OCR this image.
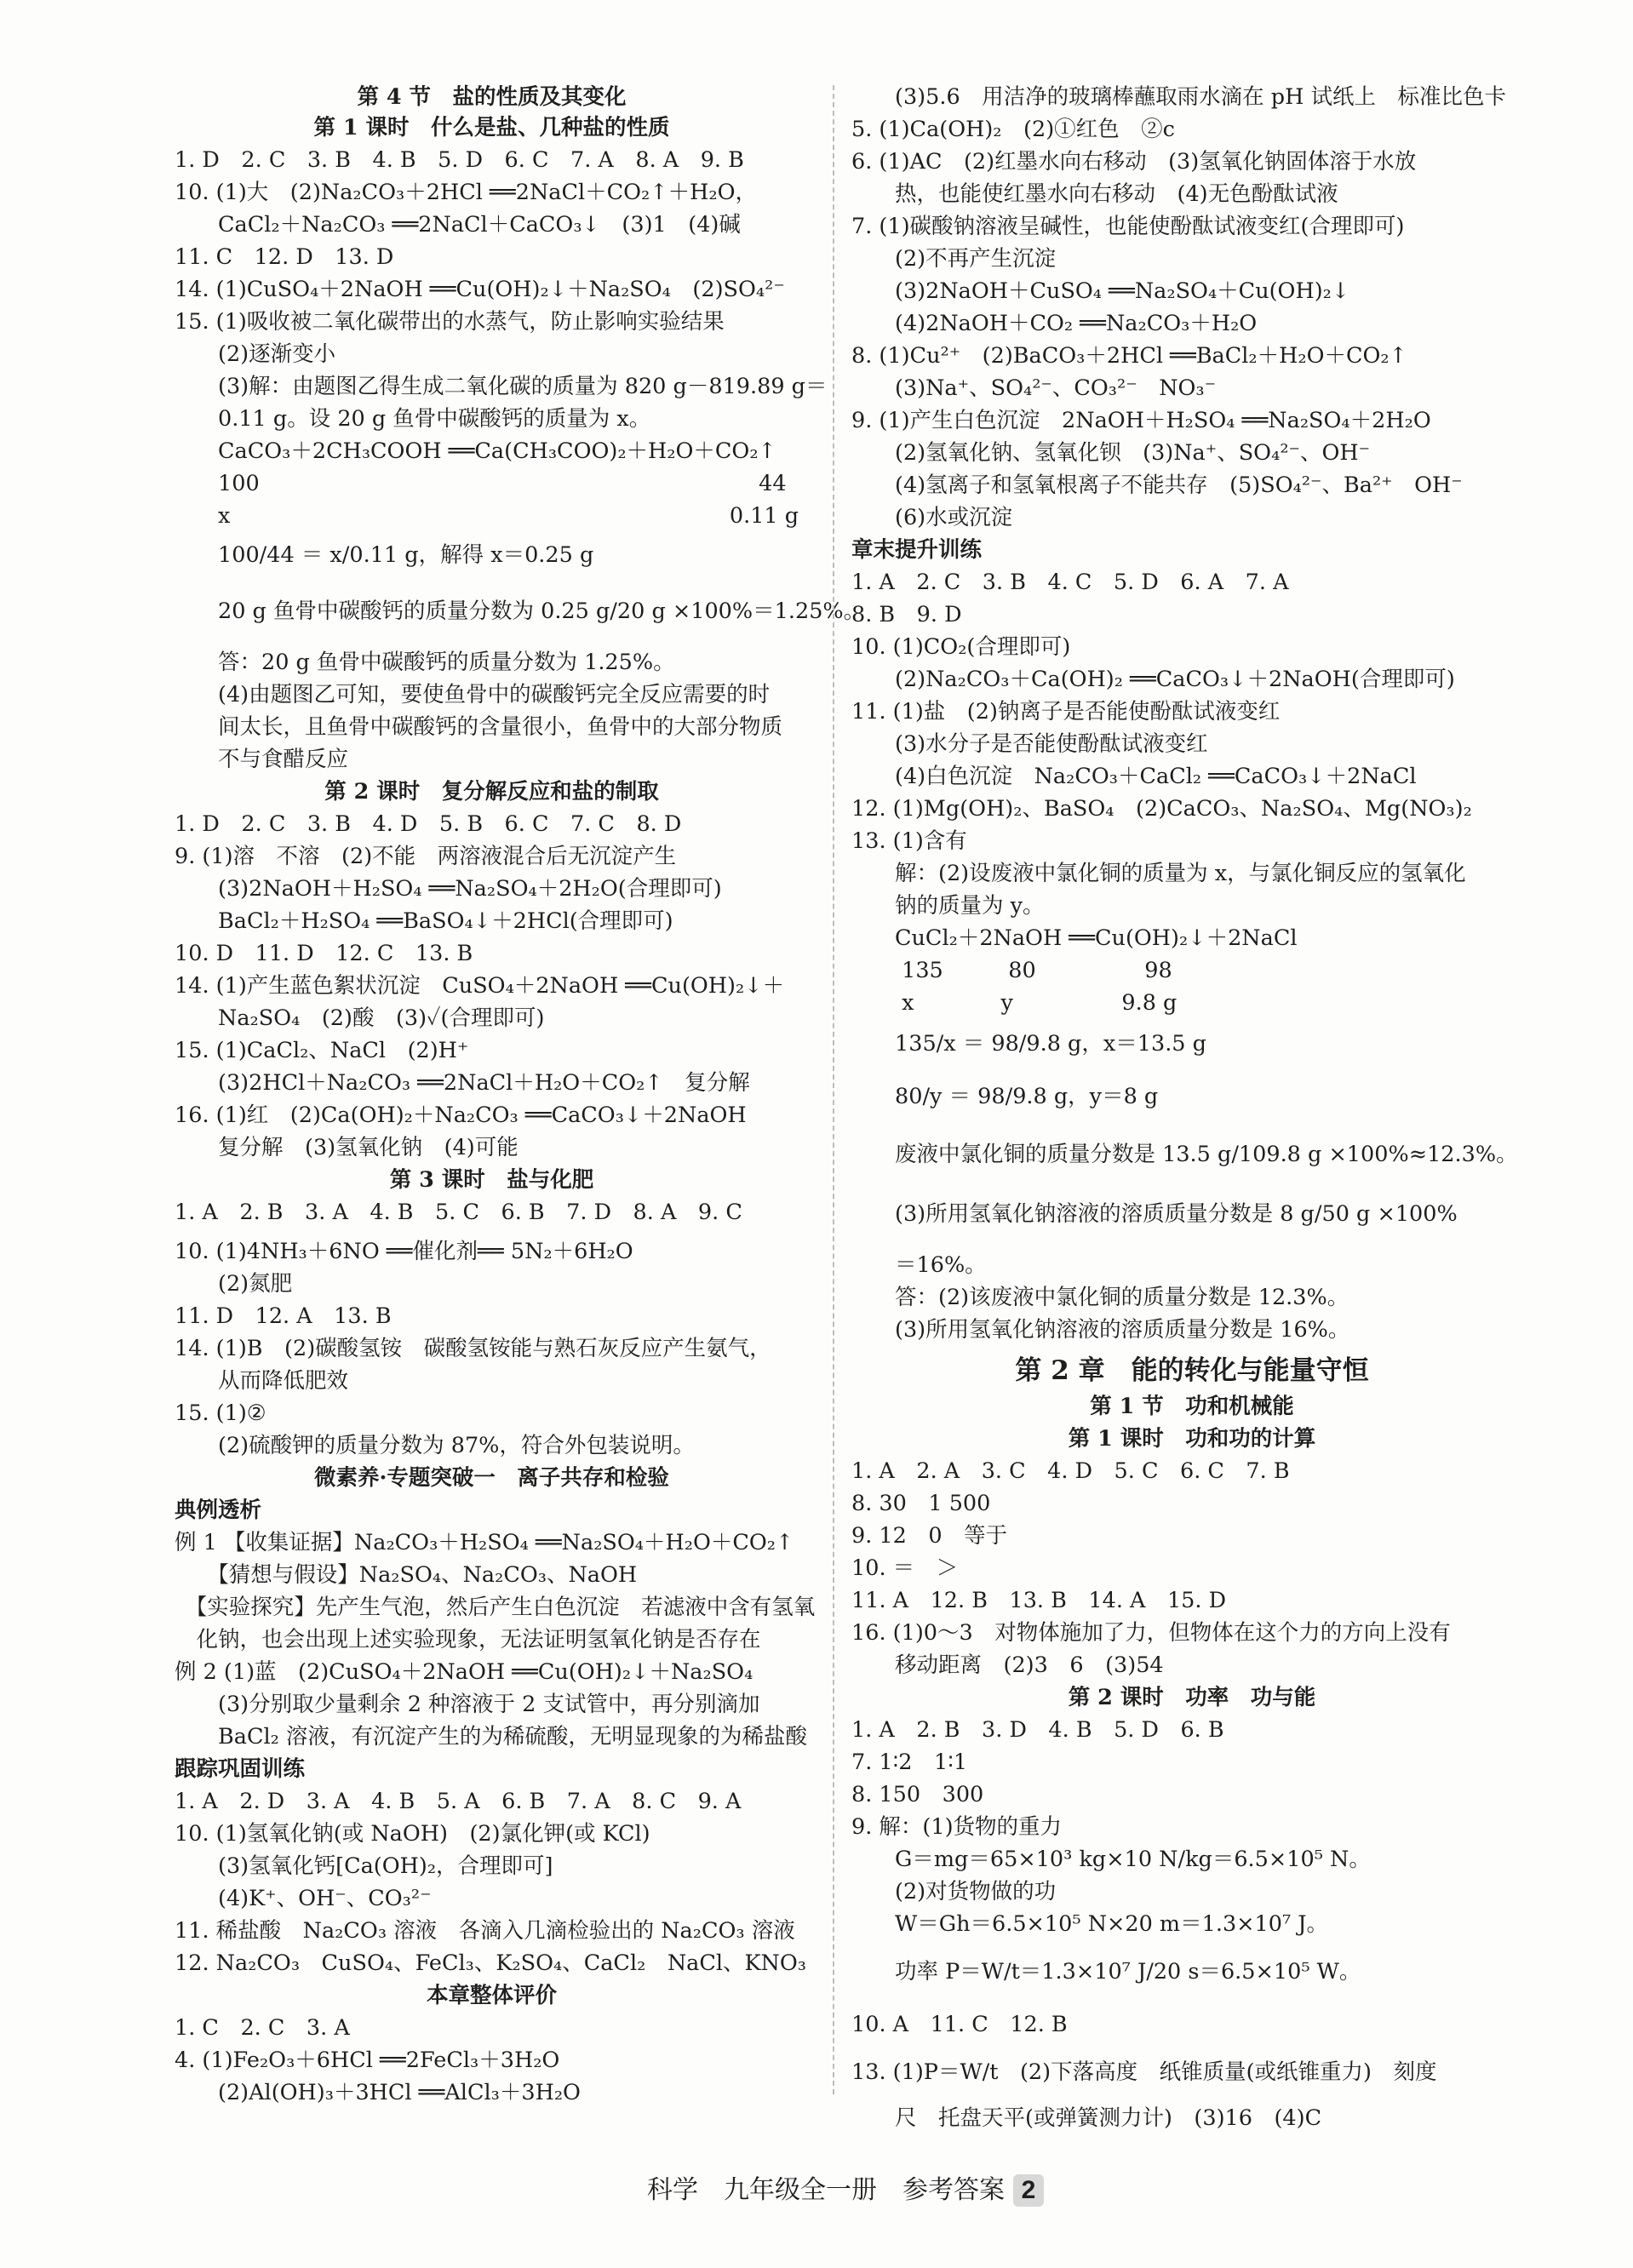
第 4 节　盐的性质及其变化
第 1 课时　什么是盐、几种盐的性质
1. D　2. C　3. B　4. B　5. D　6. C　7. A　8. A　9. B
10. (1)大　(2)Na₂CO₃＋2HCl ══2NaCl＋CO₂↑＋H₂O，
　　CaCl₂＋Na₂CO₃ ══2NaCl＋CaCO₃↓　(3)1　(4)碱
11. C　12. D　13. D
14. (1)CuSO₄＋2NaOH ══Cu(OH)₂↓＋Na₂SO₄　(2)SO₄²⁻
15. (1)吸收被二氧化碳带出的水蒸气，防止影响实验结果
　　(2)逐渐变小
　　(3)解：由题图乙得生成二氧化碳的质量为 820 g－819.89 g＝
　　0.11 g。设 20 g 鱼骨中碳酸钙的质量为 x。
　　CaCO₃＋2CH₃COOH ══Ca(CH₃COO)₂＋H₂O＋CO₂↑
　　100　　　　　　　　　　　　　　　　　　　　　　　44
　　x　　　　　　　　　　　　　　　　　　　　　　　0.11 g
　　100/44 ＝ x/0.11 g，解得 x＝0.25 g
　　20 g 鱼骨中碳酸钙的质量分数为 0.25 g/20 g ×100%＝1.25%。
　　答：20 g 鱼骨中碳酸钙的质量分数为 1.25%。
　　(4)由题图乙可知，要使鱼骨中的碳酸钙完全反应需要的时
　　间太长，且鱼骨中碳酸钙的含量很小，鱼骨中的大部分物质
　　不与食醋反应
第 2 课时　复分解反应和盐的制取
1. D　2. C　3. B　4. D　5. B　6. C　7. C　8. D
9. (1)溶　不溶　(2)不能　两溶液混合后无沉淀产生
　　(3)2NaOH＋H₂SO₄ ══Na₂SO₄＋2H₂O(合理即可)
　　BaCl₂＋H₂SO₄ ══BaSO₄↓＋2HCl(合理即可)
10. D　11. D　12. C　13. B
14. (1)产生蓝色絮状沉淀　CuSO₄＋2NaOH ══Cu(OH)₂↓＋
　　Na₂SO₄　(2)酸　(3)✓(合理即可)
15. (1)CaCl₂、NaCl　(2)H⁺
　　(3)2HCl＋Na₂CO₃ ══2NaCl＋H₂O＋CO₂↑　复分解
16. (1)红　(2)Ca(OH)₂＋Na₂CO₃ ══CaCO₃↓＋2NaOH
　　复分解　(3)氢氧化钠　(4)可能
第 3 课时　盐与化肥
1. A　2. B　3. A　4. B　5. C　6. B　7. D　8. A　9. C
10. (1)4NH₃＋6NO ══催化剂══ 5N₂＋6H₂O
　　(2)氮肥
11. D　12. A　13. B
14. (1)B　(2)碳酸氢铵　碳酸氢铵能与熟石灰反应产生氨气，
　　从而降低肥效
15. (1)②
　　(2)硫酸钾的质量分数为 87%，符合外包装说明。
微素养·专题突破一　离子共存和检验
典例透析
例 1 【收集证据】Na₂CO₃＋H₂SO₄ ══Na₂SO₄＋H₂O＋CO₂↑
　　【猜想与假设】Na₂SO₄、Na₂CO₃、NaOH
　【实验探究】先产生气泡，然后产生白色沉淀　若滤液中含有氢氧
　化钠，也会出现上述实验现象，无法证明氢氧化钠是否存在
例 2 (1)蓝　(2)CuSO₄＋2NaOH ══Cu(OH)₂↓＋Na₂SO₄
　　(3)分别取少量剩余 2 种溶液于 2 支试管中，再分别滴加
　　BaCl₂ 溶液，有沉淀产生的为稀硫酸，无明显现象的为稀盐酸
跟踪巩固训练
1. A　2. D　3. A　4. B　5. A　6. B　7. A　8. C　9. A
10. (1)氢氧化钠(或 NaOH)　(2)氯化钾(或 KCl)
　　(3)氢氧化钙[Ca(OH)₂，合理即可]
　　(4)K⁺、OH⁻、CO₃²⁻
11. 稀盐酸　Na₂CO₃ 溶液　各滴入几滴检验出的 Na₂CO₃ 溶液
12. Na₂CO₃　CuSO₄、FeCl₃、K₂SO₄、CaCl₂　NaCl、KNO₃
本章整体评价
1. C　2. C　3. A
4. (1)Fe₂O₃＋6HCl ══2FeCl₃＋3H₂O
　　(2)Al(OH)₃＋3HCl ══AlCl₃＋3H₂O
　　(3)5.6　用洁净的玻璃棒蘸取雨水滴在 pH 试纸上　标准比色卡
5. (1)Ca(OH)₂　(2)①红色　②c
6. (1)AC　(2)红墨水向右移动　(3)氢氧化钠固体溶于水放
　　热，也能使红墨水向右移动　(4)无色酚酞试液
7. (1)碳酸钠溶液呈碱性，也能使酚酞试液变红(合理即可)
　　(2)不再产生沉淀
　　(3)2NaOH＋CuSO₄ ══Na₂SO₄＋Cu(OH)₂↓
　　(4)2NaOH＋CO₂ ══Na₂CO₃＋H₂O
8. (1)Cu²⁺　(2)BaCO₃＋2HCl ══BaCl₂＋H₂O＋CO₂↑
　　(3)Na⁺、SO₄²⁻、CO₃²⁻　NO₃⁻
9. (1)产生白色沉淀　2NaOH＋H₂SO₄ ══Na₂SO₄＋2H₂O
　　(2)氢氧化钠、氢氧化钡　(3)Na⁺、SO₄²⁻、OH⁻
　　(4)氢离子和氢氧根离子不能共存　(5)SO₄²⁻、Ba²⁺　OH⁻
　　(6)水或沉淀
章末提升训练
1. A　2. C　3. B　4. C　5. D　6. A　7. A
8. B　9. D
10. (1)CO₂(合理即可)
　　(2)Na₂CO₃＋Ca(OH)₂ ══CaCO₃↓＋2NaOH(合理即可)
11. (1)盐　(2)钠离子是否能使酚酞试液变红
　　(3)水分子是否能使酚酞试液变红
　　(4)白色沉淀　Na₂CO₃＋CaCl₂ ══CaCO₃↓＋2NaCl
12. (1)Mg(OH)₂、BaSO₄　(2)CaCO₃、Na₂SO₄、Mg(NO₃)₂
13. (1)含有
　　解：(2)设废液中氯化铜的质量为 x，与氯化铜反应的氢氧化
　　钠的质量为 y。
　　CuCl₂＋2NaOH ══Cu(OH)₂↓＋2NaCl
　　 135　　　80　　　　　98
　　 x　　　　y　　　　　9.8 g
　　135/x ＝ 98/9.8 g，x＝13.5 g
　　80/y ＝ 98/9.8 g，y＝8 g
　　废液中氯化铜的质量分数是 13.5 g/109.8 g ×100%≈12.3%。
　　(3)所用氢氧化钠溶液的溶质质量分数是 8 g/50 g ×100%
　　＝16%。
　　答：(2)该废液中氯化铜的质量分数是 12.3%。
　　(3)所用氢氧化钠溶液的溶质质量分数是 16%。
第 2 章　能的转化与能量守恒
第 1 节　功和机械能
第 1 课时　功和功的计算
1. A　2. A　3. C　4. D　5. C　6. C　7. B
8. 30　1 500
9. 12　0　等于
10. ＝　＞
11. A　12. B　13. B　14. A　15. D
16. (1)0～3　对物体施加了力，但物体在这个力的方向上没有
　　移动距离　(2)3　6　(3)54
第 2 课时　功率　功与能
1. A　2. B　3. D　4. B　5. D　6. B
7. 1∶2　1∶1
8. 150　300
9. 解：(1)货物的重力
　　G＝mg＝65×10³ kg×10 N/kg＝6.5×10⁵ N。
　　(2)对货物做的功
　　W＝Gh＝6.5×10⁵ N×20 m＝1.3×10⁷ J。
　　功率 P＝W/t＝1.3×10⁷ J/20 s＝6.5×10⁵ W。
10. A　11. C　12. B
13. (1)P＝W/t　(2)下落高度　纸锥质量(或纸锥重力)　刻度
　　尺　托盘天平(或弹簧测力计)　(3)16　(4)C
科学　九年级全一册　参考答案 2
